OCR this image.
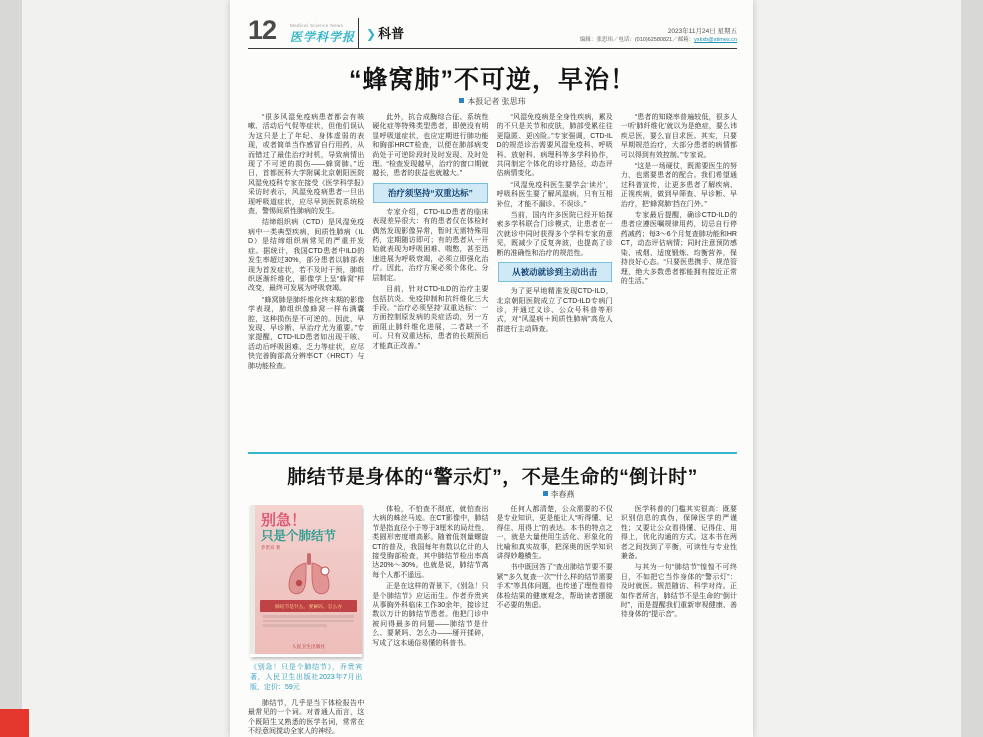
12	Medical Science News
医学科学报 ❯ 科普	2023年11月24日 星期五
编辑：张思玮／电话：(010)62580821／邮箱：yxkxb@stimes.cn
“蜂窝肺”不可逆，早治！
本报记者 张思玮

“很多风湿免疫病患者都会有咳嗽、活动后气促等症状，但他们误认为这只是上了年纪、身体虚弱的表现，或者简单当作感冒自行用药，从而错过了最佳治疗时机，导致病情出现了不可逆的损伤——蜂窝肺。”近日，首都医科大学附属北京朝阳医院风湿免疫科专家在接受《医学科学报》采访时表示，风湿免疫病患者一旦出现呼吸道症状，应尽早到医院系统检查，警惕间质性肺病的发生。

结缔组织病（CTD）是风湿免疫病中一类典型疾病，间质性肺病（ILD）是结缔组织病常见的严重并发症。据统计，我国CTD患者中ILD的发生率超过30%，部分患者以肺部表现为首发症状，若不及时干预，肺组织逐渐纤维化，影像学上呈“蜂窝”样改变，最终可发展为呼吸衰竭。

“蜂窝肺是肺纤维化终末期的影像学表现，肺组织像蜂窝一样布满囊腔，这种损伤是不可逆的。因此，早发现、早诊断、早治疗尤为重要。”专家提醒，CTD-ILD患者如出现干咳、活动后呼吸困难、乏力等症状，应尽快完善胸部高分辨率CT（HRCT）与肺功能检查。

此外，抗合成酶综合征、系统性硬化症等特殊类型患者，即使没有明显呼吸道症状，也应定期进行肺功能和胸部HRCT检查，以便在肺部病变尚处于可逆阶段时及时发现、及时处理。“检查发现越早，治疗的窗口期就越长，患者的获益也就越大。”

治疗须坚持“双重达标”

专家介绍，CTD-ILD患者的临床表现差异很大：有的患者仅在体检时偶然发现影像异常，暂时无需特殊用药，定期随访即可；有的患者从一开始就表现为呼吸困难、喘憋，甚至迅速进展为呼吸衰竭，必须立即强化治疗。因此，治疗方案必须个体化、分层制定。

目前，针对CTD-ILD的治疗主要包括抗炎、免疫抑制和抗纤维化三大手段。“治疗必须坚持‘双重达标’：一方面控制原发病的炎症活动，另一方面阻止肺纤维化进展，二者缺一不可。只有双重达标，患者的长期预后才能真正改善。”

“风湿免疫病是全身性疾病，累及的不只是关节和皮肤，肺部受累往往更隐匿、更凶险。”专家强调，CTD-ILD的规范诊治需要风湿免疫科、呼吸科、放射科、病理科等多学科协作，共同制定个体化的诊疗路径，动态评估病情变化。

“风湿免疫科医生要学会‘读片’，呼吸科医生要了解风湿病，只有互相补位，才能不漏诊、不误诊。”

当前，国内许多医院已经开始探索多学科联合门诊模式，让患者在一次就诊中同时获得多个学科专家的意见，既减少了反复奔波，也提高了诊断的准确性和治疗的规范性。

从被动就诊到主动出击

为了更早地精准发现CTD-ILD，北京朝阳医院成立了CTD-ILD专病门诊，并通过义诊、公众号科普等形式，对“风湿病＋间质性肺病”高危人群进行主动筛查。

“患者的知晓率普遍较低，很多人一听‘肺纤维化’就以为是绝症，要么讳疾忌医，要么盲目求医。其实，只要早期规范治疗，大部分患者的病情都可以得到有效控制。”专家说。

“这是一场硬仗，既需要医生的努力，也需要患者的配合。我们希望通过科普宣传，让更多患者了解疾病、正视疾病，做到早筛查、早诊断、早治疗，把‘蜂窝肺’挡在门外。”

专家最后提醒，确诊CTD-ILD的患者应遵医嘱规律用药，切忌自行停药减药；每3～6个月复查肺功能和HRCT，动态评估病情；同时注意预防感染、戒烟、适度锻炼、均衡营养，保持良好心态。“只要医患携手、规范管理，绝大多数患者都能拥有接近正常的生活。”

肺结节是身体的“警示灯”，不是生命的“倒计时”
李春燕
别急！
只是个肺结节
乔贵宾 著
肺结节是什么、要紧吗、怎么办
人民卫生出版社
《别急！只是个肺结节》，乔贵宾著，人民卫生出版社2023年7月出版，定价：59元

肺结节，几乎是当下体检报告中最常见的一个词。对普通人而言，这个既陌生又熟悉的医学名词，常常在不经意间搅动全家人的神经。

体检，不怕查不彻底，就怕查出大病的蛛丝马迹。在CT影像中，肺结节是指直径小于等于3厘米的局灶性、类圆形密度增高影。随着低剂量螺旋CT的普及，我国每年有数以亿计的人接受胸部检查，其中肺结节检出率高达20%～30%。也就是说，肺结节离每个人都不遥远。

正是在这样的背景下，《别急！只是个肺结节》应运而生。作者乔贵宾从事胸外科临床工作30余年，接诊过数以万计的肺结节患者。他把门诊中被问得最多的问题——肺结节是什么、要紧吗、怎么办——掰开揉碎，写成了这本通俗易懂的科普书。

任何人都清楚，公众需要的不仅是专业知识，更是能让人“听得懂、记得住、用得上”的表达。本书的特点之一，就是大量使用生活化、形象化的比喻和真实故事，把深奥的医学知识讲得妙趣横生。

书中既回答了“查出肺结节要不要紧”“多久复查一次”“什么样的结节需要手术”等具体问题，也传递了理性看待体检结果的健康观念，帮助读者摆脱不必要的焦虑。

医学科普的门槛其实很高：既要识别信息的真伪，保障医学的严谨性；又要让公众看得懂、记得住、用得上，优化沟通的方式。这本书在两者之间找到了平衡，可读性与专业性兼备。

与其为一句“肺结节”惶惶不可终日，不如把它当作身体的“警示灯”：及时就医、规范随访、科学对待。正如作者所言，肺结节不是生命的“倒计时”，而是提醒我们重新审视健康、善待身体的“提示音”。
